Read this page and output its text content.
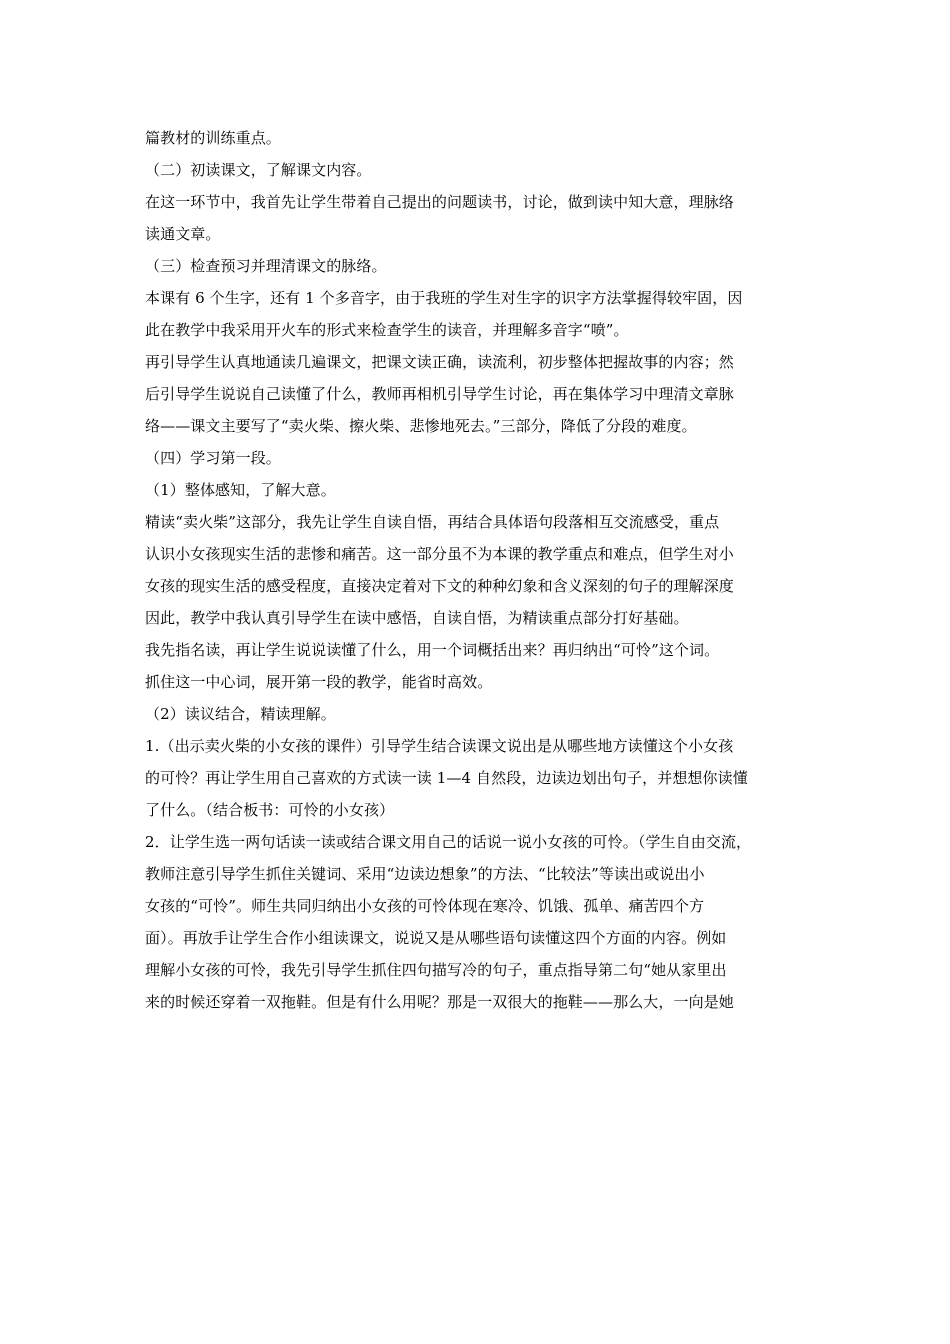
篇教材的训练重点。
（二）初读课文，了解课文内容。
在这一环节中，我首先让学生带着自己提出的问题读书，讨论，做到读中知大意，理脉络
读通文章。
（三）检查预习并理清课文的脉络。
本课有 6 个生字，还有 1 个多音字，由于我班的学生对生字的识字方法掌握得较牢固，因
此在教学中我采用开火车的形式来检查学生的读音，并理解多音字“喷”。
再引导学生认真地通读几遍课文，把课文读正确，读流利，初步整体把握故事的内容；然
后引导学生说说自己读懂了什么，教师再相机引导学生讨论，再在集体学习中理清文章脉
络——课文主要写了“卖火柴、擦火柴、悲惨地死去。”三部分，降低了分段的难度。
（四）学习第一段。
（1）整体感知，了解大意。
精读“卖火柴”这部分，我先让学生自读自悟，再结合具体语句段落相互交流感受，重点
认识小女孩现实生活的悲惨和痛苦。这一部分虽不为本课的教学重点和难点，但学生对小
女孩的现实生活的感受程度，直接决定着对下文的种种幻象和含义深刻的句子的理解深度
因此，教学中我认真引导学生在读中感悟，自读自悟，为精读重点部分打好基础。
我先指名读，再让学生说说读懂了什么，用一个词概括出来？再归纳出“可怜”这个词。
抓住这一中心词，展开第一段的教学，能省时高效。
（2）读议结合，精读理解。
1.（出示卖火柴的小女孩的课件）引导学生结合读课文说出是从哪些地方读懂这个小女孩
的可怜？再让学生用自己喜欢的方式读一读 1—4 自然段，边读边划出句子，并想想你读懂
了什么。（结合板书：可怜的小女孩）
2．让学生选一两句话读一读或结合课文用自己的话说一说小女孩的可怜。（学生自由交流，
教师注意引导学生抓住关键词、采用“边读边想象”的方法、“比较法”等读出或说出小
女孩的“可怜”。师生共同归纳出小女孩的可怜体现在寒冷、饥饿、孤单、痛苦四个方
面）。再放手让学生合作小组读课文，说说又是从哪些语句读懂这四个方面的内容。例如
理解小女孩的可怜，我先引导学生抓住四句描写冷的句子，重点指导第二句“她从家里出
来的时候还穿着一双拖鞋。但是有什么用呢？那是一双很大的拖鞋——那么大，一向是她
